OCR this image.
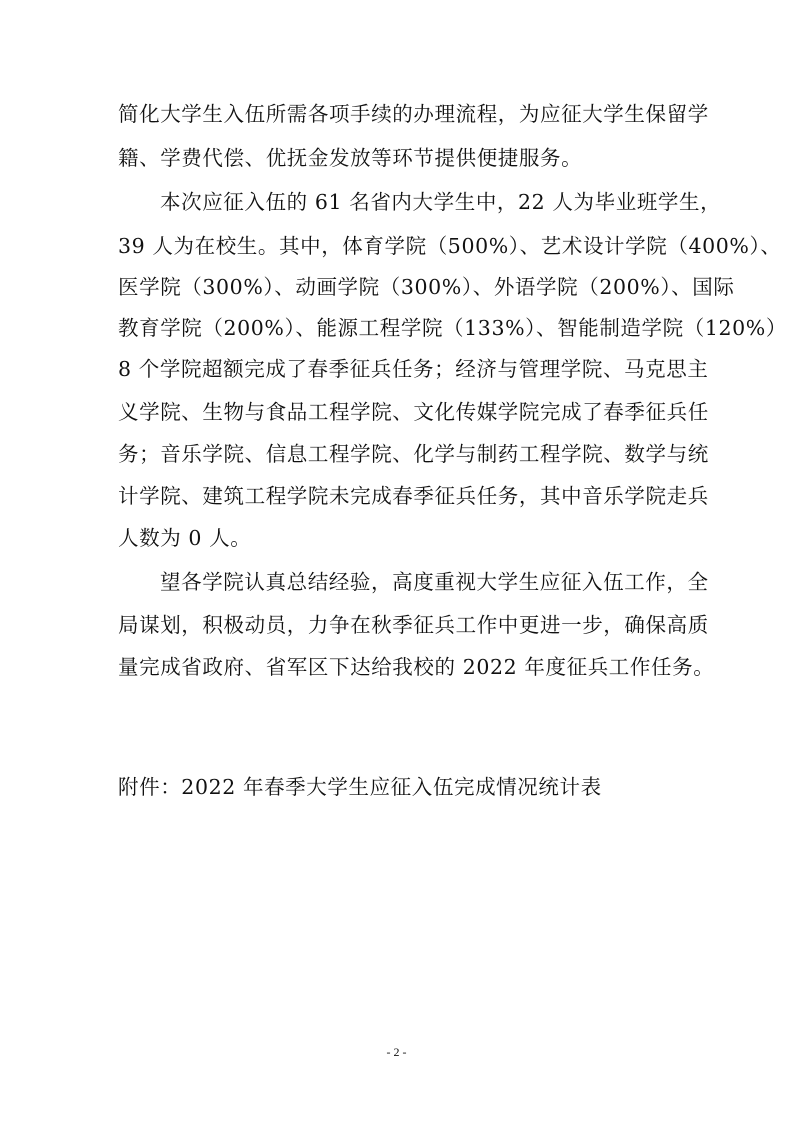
简化大学生入伍所需各项手续的办理流程，为应征大学生保留学
籍、学费代偿、优抚金发放等环节提供便捷服务。
本次应征入伍的 61 名省内大学生中，22 人为毕业班学生，
39 人为在校生。其中，体育学院（500%）、艺术设计学院（400%）、
医学院（300%）、动画学院（300%）、外语学院（200%）、国际
教育学院（200%）、能源工程学院（133%）、智能制造学院（120%）
8 个学院超额完成了春季征兵任务；经济与管理学院、马克思主
义学院、生物与食品工程学院、文化传媒学院完成了春季征兵任
务；音乐学院、信息工程学院、化学与制药工程学院、数学与统
计学院、建筑工程学院未完成春季征兵任务，其中音乐学院走兵
人数为 0 人。
望各学院认真总结经验，高度重视大学生应征入伍工作，全
局谋划，积极动员，力争在秋季征兵工作中更进一步，确保高质
量完成省政府、省军区下达给我校的 2022 年度征兵工作任务。
附件：2022 年春季大学生应征入伍完成情况统计表
- 2 -
